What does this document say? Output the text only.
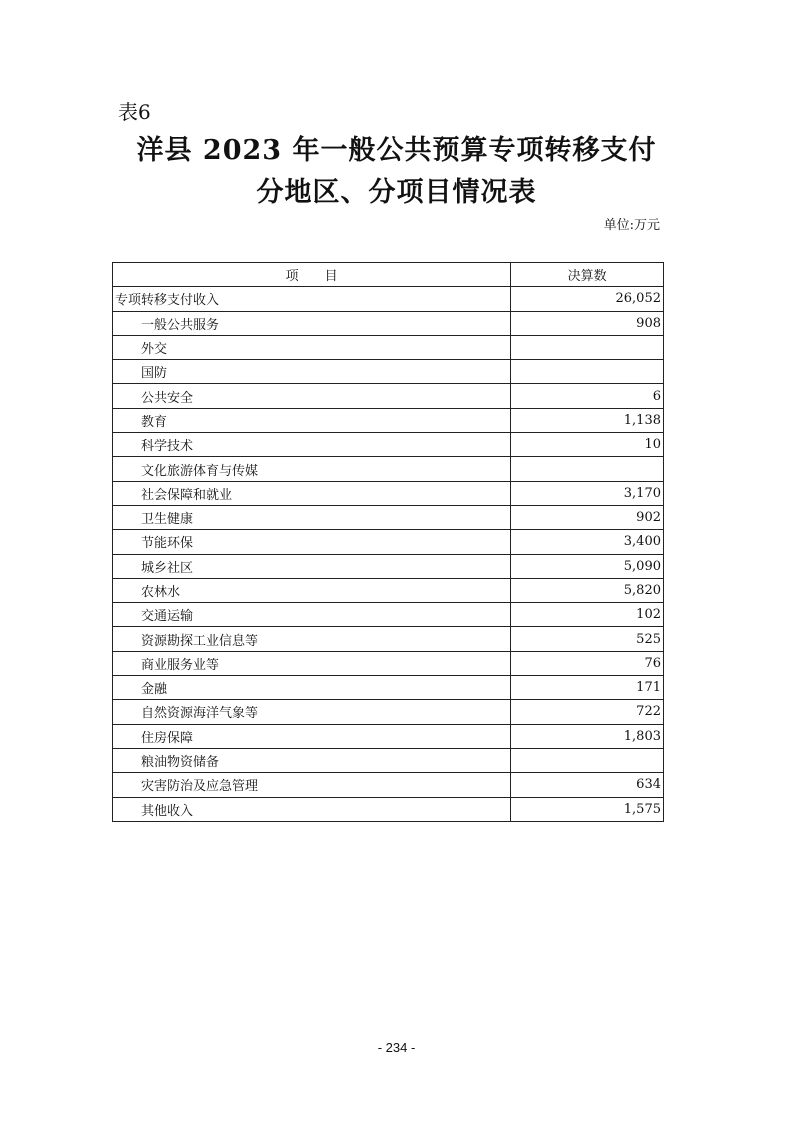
表6
洋县 2023 年一般公共预算专项转移支付
分地区、分项目情况表
单位:万元
项　　目	决算数
专项转移支付收入	26,052
一般公共服务	908
外交	
国防	
公共安全	6
教育	1,138
科学技术	10
文化旅游体育与传媒	
社会保障和就业	3,170
卫生健康	902
节能环保	3,400
城乡社区	5,090
农林水	5,820
交通运输	102
资源勘探工业信息等	525
商业服务业等	76
金融	171
自然资源海洋气象等	722
住房保障	1,803
粮油物资储备	
灾害防治及应急管理	634
其他收入	1,575
- 234 -
